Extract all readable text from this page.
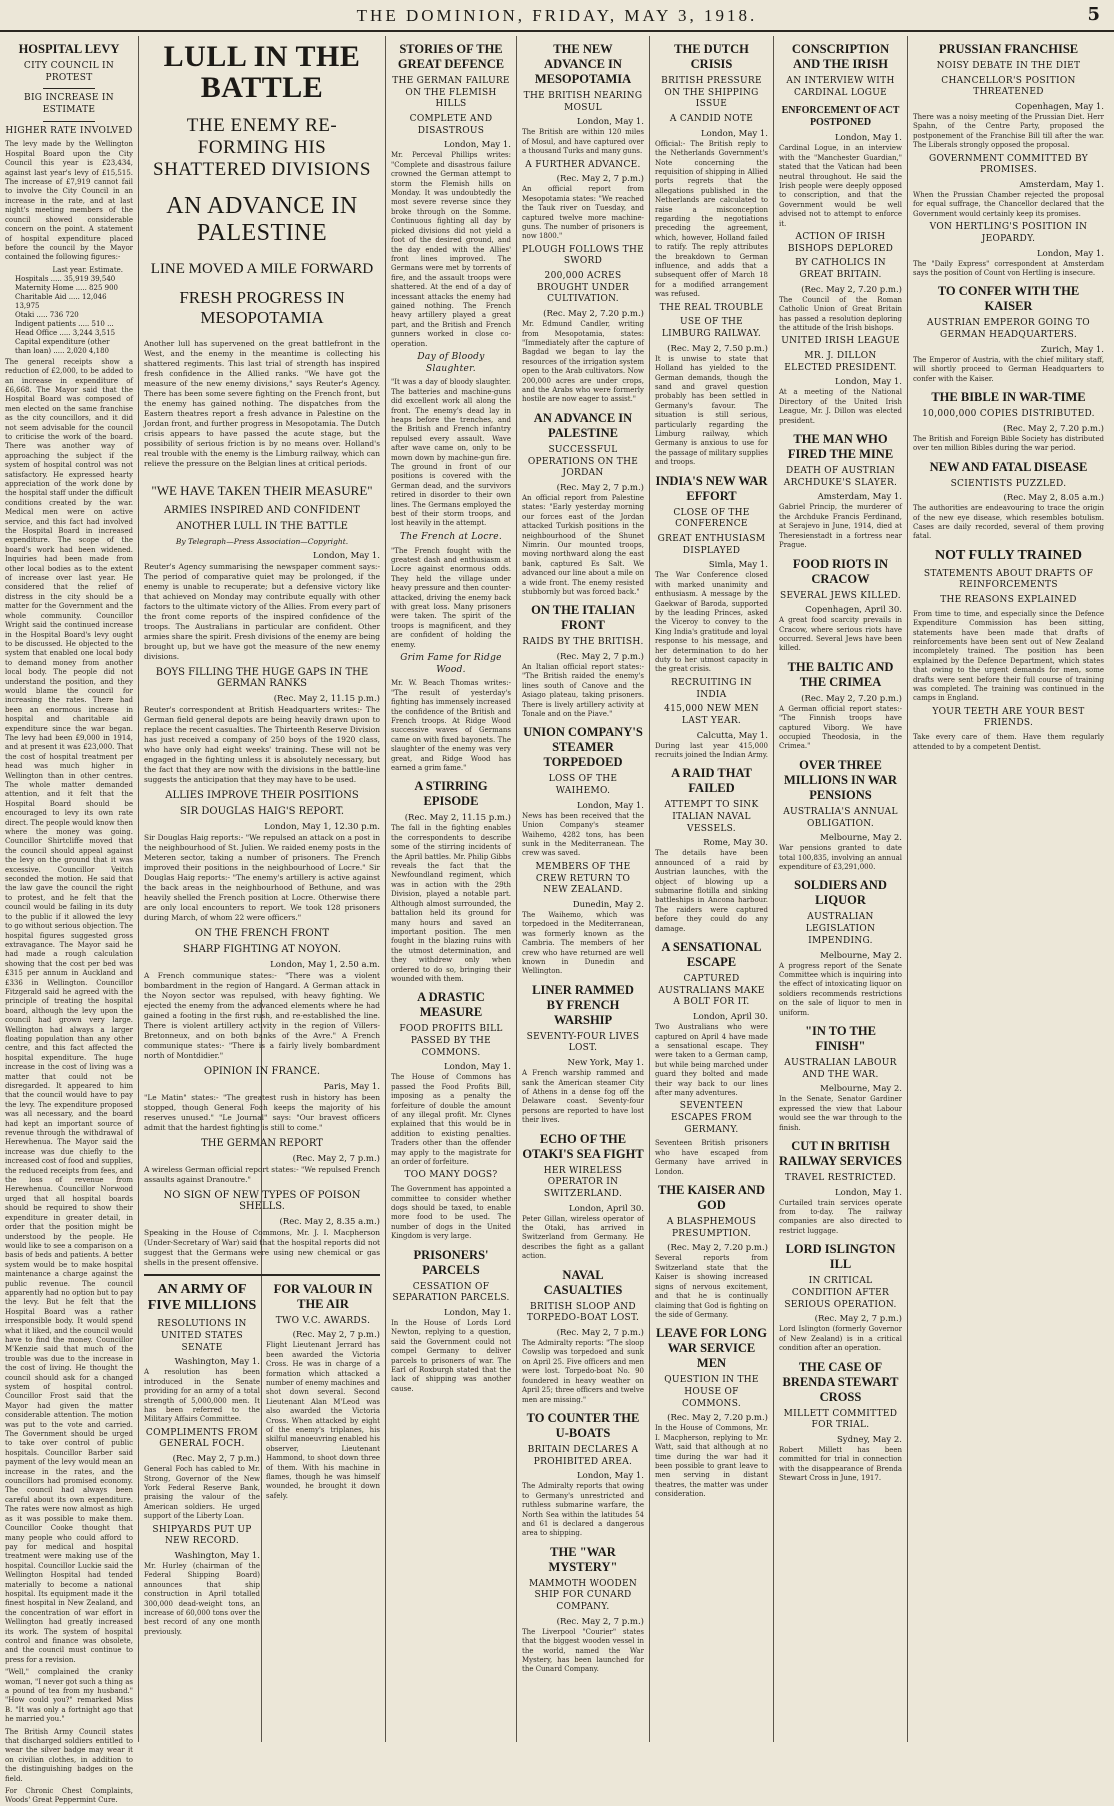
THE DOMINION, FRIDAY, MAY 3, 1918.	5
HOSPITAL LEVY
CITY COUNCIL IN PROTEST
BIG INCREASE IN ESTIMATE
HIGHER RATE INVOLVED

The levy made by the Wellington Hospital Board upon the City Council this year is £23,434, against last year's levy of £15,515. The increase of £7,919 cannot fail to involve the City Council in an increase in the rate, and at last night's meeting members of the council showed considerable concern on the point. A statement of hospital expenditure placed before the council by the Mayor contained the following figures:-

Last year. Estimate.
Hospitals ..... 35,919 39,540
Maternity Home ..... 825 900
Charitable Aid ..... 12,046 13,975
Otaki ..... 736 720
Indigent patients ..... 510 ...
Head Office ..... 3,244 3,515
Capital expenditure (other than loan) ..... 2,020 4,180

The general receipts show a reduction of £2,000, to be added to an increase in expenditure of £6,668. The Mayor said that the Hospital Board was composed of men elected on the same franchise as the city councillors, and it did not seem advisable for the council to criticise the work of the board. There was another way of approaching the subject if the system of hospital control was not satisfactory. He expressed hearty appreciation of the work done by the hospital staff under the difficult conditions created by the war. Medical men were on active service, and this fact had involved the Hospital Board in increased expenditure. The scope of the board's work had been widened. Inquiries had been made from other local bodies as to the extent of increase over last year. He considered that the relief of distress in the city should be a matter for the Government and the whole community. Councillor Wright said the continued increase in the Hospital Board's levy ought to be discussed. He objected to the system that enabled one local body to demand money from another local body. The people did not understand the position, and they would blame the council for increasing the rates. There had been an enormous increase in hospital and charitable aid expenditure since the war began. The levy had been £9,000 in 1914, and at present it was £23,000. That the cost of hospital treatment per head was much higher in Wellington than in other centres. The whole matter demanded attention, and it felt that the Hospital Board should be encouraged to levy its own rate direct. The people would know then where the money was going. Councillor Shirtcliffe moved that the council should appeal against the levy on the ground that it was excessive. Councillor Veitch seconded the motion. He said that the law gave the council the right to protest, and he felt that the council would be failing in its duty to the public if it allowed the levy to go without serious objection. The hospital figures suggested gross extravagance. The Mayor said he had made a rough calculation showing that the cost per bed was £315 per annum in Auckland and £336 in Wellington. Councillor Fitzgerald said he agreed with the principle of treating the hospital board, although the levy upon the council had grown very large. Wellington had always a larger floating population than any other centre, and this fact affected the hospital expenditure. The huge increase in the cost of living was a matter that could not be disregarded. It appeared to him that the council would have to pay the levy. The expenditure proposed was all necessary, and the board had kept an important source of revenue through the withdrawal of Herewhenua. The Mayor said the increase was due chiefly to the increased cost of food and supplies, the reduced receipts from fees, and the loss of revenue from Herewhenua. Councillor Norwood urged that all hospital boards should be required to show their expenditure in greater detail, in order that the position might be understood by the people. He would like to see a comparison on a basis of beds and patients. A better system would be to make hospital maintenance a charge against the public revenue. The council apparently had no option but to pay the levy. But he felt that the Hospital Board was a rather irresponsible body. It would spend what it liked, and the council would have to find the money. Councillor M'Kenzie said that much of the trouble was due to the increase in the cost of living. He thought the council should ask for a changed system of hospital control. Councillor Frost said that the Mayor had given the matter considerable attention. The motion was put to the vote and carried. The Government should be urged to take over control of public hospitals. Councillor Barber said payment of the levy would mean an increase in the rates, and the councillors had promised economy. The council had always been careful about its own expenditure. The rates were now almost as high as it was possible to make them. Councillor Cooke thought that many people who could afford to pay for medical and hospital treatment were making use of the hospital. Councillor Luckie said the Wellington Hospital had tended materially to become a national hospital. Its equipment made it the finest hospital in New Zealand, and the concentration of war effort in Wellington had greatly increased its work. The system of hospital control and finance was obsolete, and the council must continue to press for a revision.

"Well," complained the cranky woman, "I never got such a thing as a pound of tea from my husband." "How could you?" remarked Miss B. "It was only a fortnight ago that he married you."

The British Army Council states that discharged soldiers entitled to wear the silver badge may wear it on civilian clothes, in addition to the distinguishing badges on the field.

For Chronic Chest Complaints, Woods' Great Peppermint Cure.

LULL IN THE BATTLE
THE ENEMY RE-FORMING HIS SHATTERED DIVISIONS
AN ADVANCE IN PALESTINE
LINE MOVED A MILE FORWARD
FRESH PROGRESS IN MESOPOTAMIA

Another lull has supervened on the great battlefront in the West, and the enemy in the meantime is collecting his shattered regiments. This last trial of strength has inspired fresh confidence in the Allied ranks. "We have got the measure of the new enemy divisions," says Reuter's Agency. There has been some severe fighting on the French front, but the enemy has gained nothing. The dispatches from the Eastern theatres report a fresh advance in Palestine on the Jordan front, and further progress in Mesopotamia. The Dutch crisis appears to have passed the acute stage, but the possibility of serious friction is by no means over. Holland's real trouble with the enemy is the Limburg railway, which can relieve the pressure on the Belgian lines at critical periods.

"WE HAVE TAKEN THEIR MEASURE"
ARMIES INSPIRED AND CONFIDENT
ANOTHER LULL IN THE BATTLE
By Telegraph—Press Association—Copyright.
London, May 1.

Reuter's Agency summarising the newspaper comment says:- The period of comparative quiet may be prolonged, if the enemy is unable to recuperate; but a defensive victory like that achieved on Monday may contribute equally with other factors to the ultimate victory of the Allies. From every part of the front come reports of the inspired confidence of the troops. The Australians in particular are confident. Other armies share the spirit. Fresh divisions of the enemy are being brought up, but we have got the measure of the new enemy divisions.

BOYS FILLING THE HUGE GAPS IN THE GERMAN RANKS
(Rec. May 2, 11.15 p.m.)

Reuter's correspondent at British Headquarters writes:- The German field general depots are being heavily drawn upon to replace the recent casualties. The Thirteenth Reserve Division has just received a company of 250 boys of the 1920 class, who have only had eight weeks' training. These will not be engaged in the fighting unless it is absolutely necessary, but the fact that they are now with the divisions in the battle-line suggests the anticipation that they may have to be used.

ALLIES IMPROVE THEIR POSITIONS
SIR DOUGLAS HAIG'S REPORT.
London, May 1, 12.30 p.m.

Sir Douglas Haig reports:- "We repulsed an attack on a post in the neighbourhood of St. Julien. We raided enemy posts in the Meteren sector, taking a number of prisoners. The French improved their positions in the neighbourhood of Locre." Sir Douglas Haig reports:- "The enemy's artillery is active against the back areas in the neighbourhood of Bethune, and was heavily shelled the French position at Locre. Otherwise there are only local encounters to report. We took 128 prisoners during March, of whom 22 were officers."

ON THE FRENCH FRONT
SHARP FIGHTING AT NOYON.
London, May 1, 2.50 a.m.

A French communique states:- "There was a violent bombardment in the region of Hangard. A German attack in the Noyon sector was repulsed, with heavy fighting. We ejected the enemy from the advanced elements where he had gained a footing in the first rush, and re-established the line. There is violent artillery activity in the region of Villers-Bretonneux, and on both banks of the Avre." A French communique states:- "There is a fairly lively bombardment north of Montdidier."

OPINION IN FRANCE.
Paris, May 1.

"Le Matin" states:- "The greatest rush in history has been stopped, though General Foch keeps the majority of his reserves unused." "Le Journal" says: "Our bravest officers admit that the hardest fighting is still to come."

THE GERMAN REPORT
(Rec. May 2, 7 p.m.)

A wireless German official report states:- "We repulsed French assaults against Dranoutre."

NO SIGN OF NEW TYPES OF POISON SHELLS.
(Rec. May 2, 8.35 a.m.)

Speaking in the House of Commons, Mr. J. I. Macpherson (Under-Secretary of War) said that the hospital reports did not suggest that the Germans were using new chemical or gas shells in the present offensive.

AN ARMY OF FIVE MILLIONS
RESOLUTIONS IN UNITED STATES SENATE
Washington, May 1.

A resolution has been introduced in the Senate providing for an army of a total strength of 5,000,000 men. It has been referred to the Military Affairs Committee.

COMPLIMENTS FROM GENERAL FOCH.
(Rec. May 2, 7 p.m.)

General Foch has cabled to Mr. Strong, Governor of the New York Federal Reserve Bank, praising the valour of the American soldiers. He urged support of the Liberty Loan.

SHIPYARDS PUT UP NEW RECORD.
Washington, May 1.

Mr. Hurley (chairman of the Federal Shipping Board) announces that ship construction in April totalled 300,000 dead-weight tons, an increase of 60,000 tons over the best record of any one month previously.

FOR VALOUR IN THE AIR
TWO V.C. AWARDS.
(Rec. May 2, 7 p.m.)

Flight Lieutenant Jerrard has been awarded the Victoria Cross. He was in charge of a formation which attacked a number of enemy machines and shot down several. Second Lieutenant Alan M'Leod was also awarded the Victoria Cross. When attacked by eight of the enemy's triplanes, his skilful manoeuvring enabled his observer, Lieutenant Hammond, to shoot down three of them. With his machine in flames, though he was himself wounded, he brought it down safely.

STORIES OF THE GREAT DEFENCE
THE GERMAN FAILURE ON THE FLEMISH HILLS
COMPLETE AND DISASTROUS
London, May 1.

Mr. Perceval Phillips writes: "Complete and disastrous failure crowned the German attempt to storm the Flemish hills on Monday. It was undoubtedly the most severe reverse since they broke through on the Somme. Continuous fighting all day by picked divisions did not yield a foot of the desired ground, and the day ended with the Allies' front lines improved. The Germans were met by torrents of fire, and the assault troops were shattered. At the end of a day of incessant attacks the enemy had gained nothing. The French heavy artillery played a great part, and the British and French gunners worked in close co-operation.

Day of Bloody Slaughter.

"It was a day of bloody slaughter. The batteries and machine-guns did excellent work all along the front. The enemy's dead lay in heaps before the trenches, and the British and French infantry repulsed every assault. Wave after wave came on, only to be mown down by machine-gun fire. The ground in front of our positions is covered with the German dead, and the survivors retired in disorder to their own lines. The Germans employed the best of their storm troops, and lost heavily in the attempt.

The French at Locre.

"The French fought with the greatest dash and enthusiasm at Locre against enormous odds. They held the village under heavy pressure and then counter-attacked, driving the enemy back with great loss. Many prisoners were taken. The spirit of the troops is magnificent, and they are confident of holding the enemy.

Grim Fame for Ridge Wood.

Mr. W. Beach Thomas writes:- "The result of yesterday's fighting has immensely increased the confidence of the British and French troops. At Ridge Wood successive waves of Germans came on with fixed bayonets. The slaughter of the enemy was very great, and Ridge Wood has earned a grim fame."

A STIRRING EPISODE
(Rec. May 2, 11.15 p.m.)

The fall in the fighting enables the correspondents to describe some of the stirring incidents of the April battles. Mr. Philip Gibbs reveals the fact that the Newfoundland regiment, which was in action with the 29th Division, played a notable part. Although almost surrounded, the battalion held its ground for many hours and saved an important position. The men fought in the blazing ruins with the utmost determination, and they withdrew only when ordered to do so, bringing their wounded with them.

A DRASTIC MEASURE
FOOD PROFITS BILL PASSED BY THE COMMONS.
London, May 1.

The House of Commons has passed the Food Profits Bill, imposing as a penalty the forfeiture of double the amount of any illegal profit. Mr. Clynes explained that this would be in addition to existing penalties. Traders other than the offender may apply to the magistrate for an order of forfeiture.

TOO MANY DOGS?

The Government has appointed a committee to consider whether dogs should be taxed, to enable more food to be used. The number of dogs in the United Kingdom is very large.

PRISONERS' PARCELS
CESSATION OF SEPARATION PARCELS.
London, May 1.

In the House of Lords Lord Newton, replying to a question, said the Government could not compel Germany to deliver parcels to prisoners of war. The Earl of Roxburgh stated that the lack of shipping was another cause.

THE NEW ADVANCE IN MESOPOTAMIA
THE BRITISH NEARING MOSUL
London, May 1.

The British are within 120 miles of Mosul, and have captured over a thousand Turks and many guns.

A FURTHER ADVANCE.
(Rec. May 2, 7 p.m.)

An official report from Mesopotamia states: "We reached the Tauk river on Tuesday, and captured twelve more machine-guns. The number of prisoners is now 1800."

PLOUGH FOLLOWS THE SWORD
200,000 ACRES BROUGHT UNDER CULTIVATION.
(Rec. May 2, 7.20 p.m.)

Mr. Edmund Candler, writing from Mesopotamia, states: "Immediately after the capture of Bagdad we began to lay the resources of the irrigation system open to the Arab cultivators. Now 200,000 acres are under crops, and the Arabs who were formerly hostile are now eager to assist."

AN ADVANCE IN PALESTINE
SUCCESSFUL OPERATIONS ON THE JORDAN
(Rec. May 2, 7 p.m.)

An official report from Palestine states: "Early yesterday morning our forces east of the Jordan attacked Turkish positions in the neighbourhood of the Shunet Nimrin. Our mounted troops, moving northward along the east bank, captured Es Salt. We advanced our line about a mile on a wide front. The enemy resisted stubbornly but was forced back."

ON THE ITALIAN FRONT
RAIDS BY THE BRITISH.
(Rec. May 2, 7 p.m.)

An Italian official report states:- "The British raided the enemy's lines south of Canove and the Asiago plateau, taking prisoners. There is lively artillery activity at Tonale and on the Piave."

UNION COMPANY'S STEAMER TORPEDOED
LOSS OF THE WAIHEMO.
London, May 1.

News has been received that the Union Company's steamer Waihemo, 4282 tons, has been sunk in the Mediterranean. The crew was saved.

MEMBERS OF THE CREW RETURN TO NEW ZEALAND.
Dunedin, May 2.

The Waihemo, which was torpedoed in the Mediterranean, was formerly known as the Cambria. The members of her crew who have returned are well known in Dunedin and Wellington.

LINER RAMMED BY FRENCH WARSHIP
SEVENTY-FOUR LIVES LOST.
New York, May 1.

A French warship rammed and sank the American steamer City of Athens in a dense fog off the Delaware coast. Seventy-four persons are reported to have lost their lives.

ECHO OF THE OTAKI'S SEA FIGHT
HER WIRELESS OPERATOR IN SWITZERLAND.
London, April 30.

Peter Gillan, wireless operator of the Otaki, has arrived in Switzerland from Germany. He describes the fight as a gallant action.

NAVAL CASUALTIES
BRITISH SLOOP AND TORPEDO-BOAT LOST.
(Rec. May 2, 7 p.m.)

The Admiralty reports: "The sloop Cowslip was torpedoed and sunk on April 25. Five officers and men were lost. Torpedo-boat No. 90 foundered in heavy weather on April 25; three officers and twelve men are missing."

TO COUNTER THE U-BOATS
BRITAIN DECLARES A PROHIBITED AREA.
London, May 1.

The Admiralty reports that owing to Germany's unrestricted and ruthless submarine warfare, the North Sea within the latitudes 54 and 61 is declared a dangerous area to shipping.

THE "WAR MYSTERY"
MAMMOTH WOODEN SHIP FOR CUNARD COMPANY.
(Rec. May 2, 7 p.m.)

The Liverpool "Courier" states that the biggest wooden vessel in the world, named the War Mystery, has been launched for the Cunard Company.

THE DUTCH CRISIS
BRITISH PRESSURE ON THE SHIPPING ISSUE
A CANDID NOTE
London, May 1.

Official:- The British reply to the Netherlands Government's Note concerning the requisition of shipping in Allied ports regrets that the allegations published in the Netherlands are calculated to raise a misconception regarding the negotiations preceding the agreement, which, however, Holland failed to ratify. The reply attributes the breakdown to German influence, and adds that a subsequent offer of March 18 for a modified arrangement was refused.

THE REAL TROUBLE
USE OF THE LIMBURG RAILWAY.
(Rec. May 2, 7.50 p.m.)

It is unwise to state that Holland has yielded to the German demands, though the sand and gravel question probably has been settled in Germany's favour. The situation is still serious, particularly regarding the Limburg railway, which Germany is anxious to use for the passage of military supplies and troops.

INDIA'S NEW WAR EFFORT
CLOSE OF THE CONFERENCE
GREAT ENTHUSIASM DISPLAYED
Simla, May 1.

The War Conference closed with marked unanimity and enthusiasm. A message by the Gaekwar of Baroda, supported by the leading Princes, asked the Viceroy to convey to the King India's gratitude and loyal response to his message, and her determination to do her duty to her utmost capacity in the great crisis.

RECRUITING IN INDIA
415,000 NEW MEN LAST YEAR.
Calcutta, May 1.

During last year 415,000 recruits joined the Indian Army.

A RAID THAT FAILED
ATTEMPT TO SINK ITALIAN NAVAL VESSELS.
Rome, May 30.

The details have been announced of a raid by Austrian launches, with the object of blowing up a submarine flotilla and sinking battleships in Ancona harbour. The raiders were captured before they could do any damage.

A SENSATIONAL ESCAPE
CAPTURED AUSTRALIANS MAKE A BOLT FOR IT.
London, April 30.

Two Australians who were captured on April 4 have made a sensational escape. They were taken to a German camp, but while being marched under guard they bolted and made their way back to our lines after many adventures.

SEVENTEEN ESCAPES FROM GERMANY.

Seventeen British prisoners who have escaped from Germany have arrived in London.

THE KAISER AND GOD
A BLASPHEMOUS PRESUMPTION.
(Rec. May 2, 7.20 p.m.)

Several reports from Switzerland state that the Kaiser is showing increased signs of nervous excitement, and that he is continually claiming that God is fighting on the side of Germany.

LEAVE FOR LONG WAR SERVICE MEN
QUESTION IN THE HOUSE OF COMMONS.
(Rec. May 2, 7.20 p.m.)

In the House of Commons, Mr. I. Macpherson, replying to Mr. Watt, said that although at no time during the war had it been possible to grant leave to men serving in distant theatres, the matter was under consideration.

CONSCRIPTION AND THE IRISH
AN INTERVIEW WITH CARDINAL LOGUE
ENFORCEMENT OF ACT POSTPONED
London, May 1.

Cardinal Logue, in an interview with the "Manchester Guardian," stated that the Vatican had been neutral throughout. He said the Irish people were deeply opposed to conscription, and that the Government would be well advised not to attempt to enforce it.

ACTION OF IRISH BISHOPS DEPLORED
BY CATHOLICS IN GREAT BRITAIN.
(Rec. May 2, 7.20 p.m.)

The Council of the Roman Catholic Union of Great Britain has passed a resolution deploring the attitude of the Irish bishops.

UNITED IRISH LEAGUE
MR. J. DILLON ELECTED PRESIDENT.
London, May 1.

At a meeting of the National Directory of the United Irish League, Mr. J. Dillon was elected president.

THE MAN WHO FIRED THE MINE
DEATH OF AUSTRIAN ARCHDUKE'S SLAYER.
Amsterdam, May 1.

Gabriel Princip, the murderer of the Archduke Francis Ferdinand, at Serajevo in June, 1914, died at Theresienstadt in a fortress near Prague.

FOOD RIOTS IN CRACOW
SEVERAL JEWS KILLED.
Copenhagen, April 30.

A great food scarcity prevails in Cracow, where serious riots have occurred. Several Jews have been killed.

THE BALTIC AND THE CRIMEA
(Rec. May 2, 7.20 p.m.)

A German official report states:- "The Finnish troops have captured Viborg. We have occupied Theodosia, in the Crimea."

OVER THREE MILLIONS IN WAR PENSIONS
AUSTRALIA'S ANNUAL OBLIGATION.
Melbourne, May 2.

War pensions granted to date total 100,835, involving an annual expenditure of £3,291,000.

SOLDIERS AND LIQUOR
AUSTRALIAN LEGISLATION IMPENDING.
Melbourne, May 2.

A progress report of the Senate Committee which is inquiring into the effect of intoxicating liquor on soldiers recommends restrictions on the sale of liquor to men in uniform.

"IN TO THE FINISH"
AUSTRALIAN LABOUR AND THE WAR.
Melbourne, May 2.

In the Senate, Senator Gardiner expressed the view that Labour would see the war through to the finish.

CUT IN BRITISH RAILWAY SERVICES
TRAVEL RESTRICTED.
London, May 1.

Curtailed train services operate from to-day. The railway companies are also directed to restrict luggage.

LORD ISLINGTON ILL
IN CRITICAL CONDITION AFTER SERIOUS OPERATION.
(Rec. May 2, 7 p.m.)

Lord Islington (formerly Governor of New Zealand) is in a critical condition after an operation.

THE CASE OF BRENDA STEWART CROSS
MILLETT COMMITTED FOR TRIAL.
Sydney, May 2.

Robert Millett has been committed for trial in connection with the disappearance of Brenda Stewart Cross in June, 1917.

PRUSSIAN FRANCHISE
NOISY DEBATE IN THE DIET
CHANCELLOR'S POSITION THREATENED
Copenhagen, May 1.

There was a noisy meeting of the Prussian Diet. Herr Spahn, of the Centre Party, proposed the postponement of the Franchise Bill till after the war. The Liberals strongly opposed the proposal.

GOVERNMENT COMMITTED BY PROMISES.
Amsterdam, May 1.

When the Prussian Chamber rejected the proposal for equal suffrage, the Chancellor declared that the Government would certainly keep its promises.

VON HERTLING'S POSITION IN JEOPARDY.
London, May 1.

The "Daily Express" correspondent at Amsterdam says the position of Count von Hertling is insecure.

TO CONFER WITH THE KAISER
AUSTRIAN EMPEROR GOING TO GERMAN HEADQUARTERS.
Zurich, May 1.

The Emperor of Austria, with the chief military staff, will shortly proceed to German Headquarters to confer with the Kaiser.

THE BIBLE IN WAR-TIME
10,000,000 COPIES DISTRIBUTED.
(Rec. May 2, 7.20 p.m.)

The British and Foreign Bible Society has distributed over ten million Bibles during the war period.

NEW AND FATAL DISEASE
SCIENTISTS PUZZLED.
(Rec. May 2, 8.05 a.m.)

The authorities are endeavouring to trace the origin of the new eye disease, which resembles botulism. Cases are daily recorded, several of them proving fatal.

NOT FULLY TRAINED
STATEMENTS ABOUT DRAFTS OF REINFORCEMENTS
THE REASONS EXPLAINED

From time to time, and especially since the Defence Expenditure Commission has been sitting, statements have been made that drafts of reinforcements have been sent out of New Zealand incompletely trained. The position has been explained by the Defence Department, which states that owing to the urgent demands for men, some drafts were sent before their full course of training was completed. The training was continued in the camps in England.

YOUR TEETH ARE YOUR BEST FRIENDS.

Take every care of them. Have them regularly attended to by a competent Dentist.
